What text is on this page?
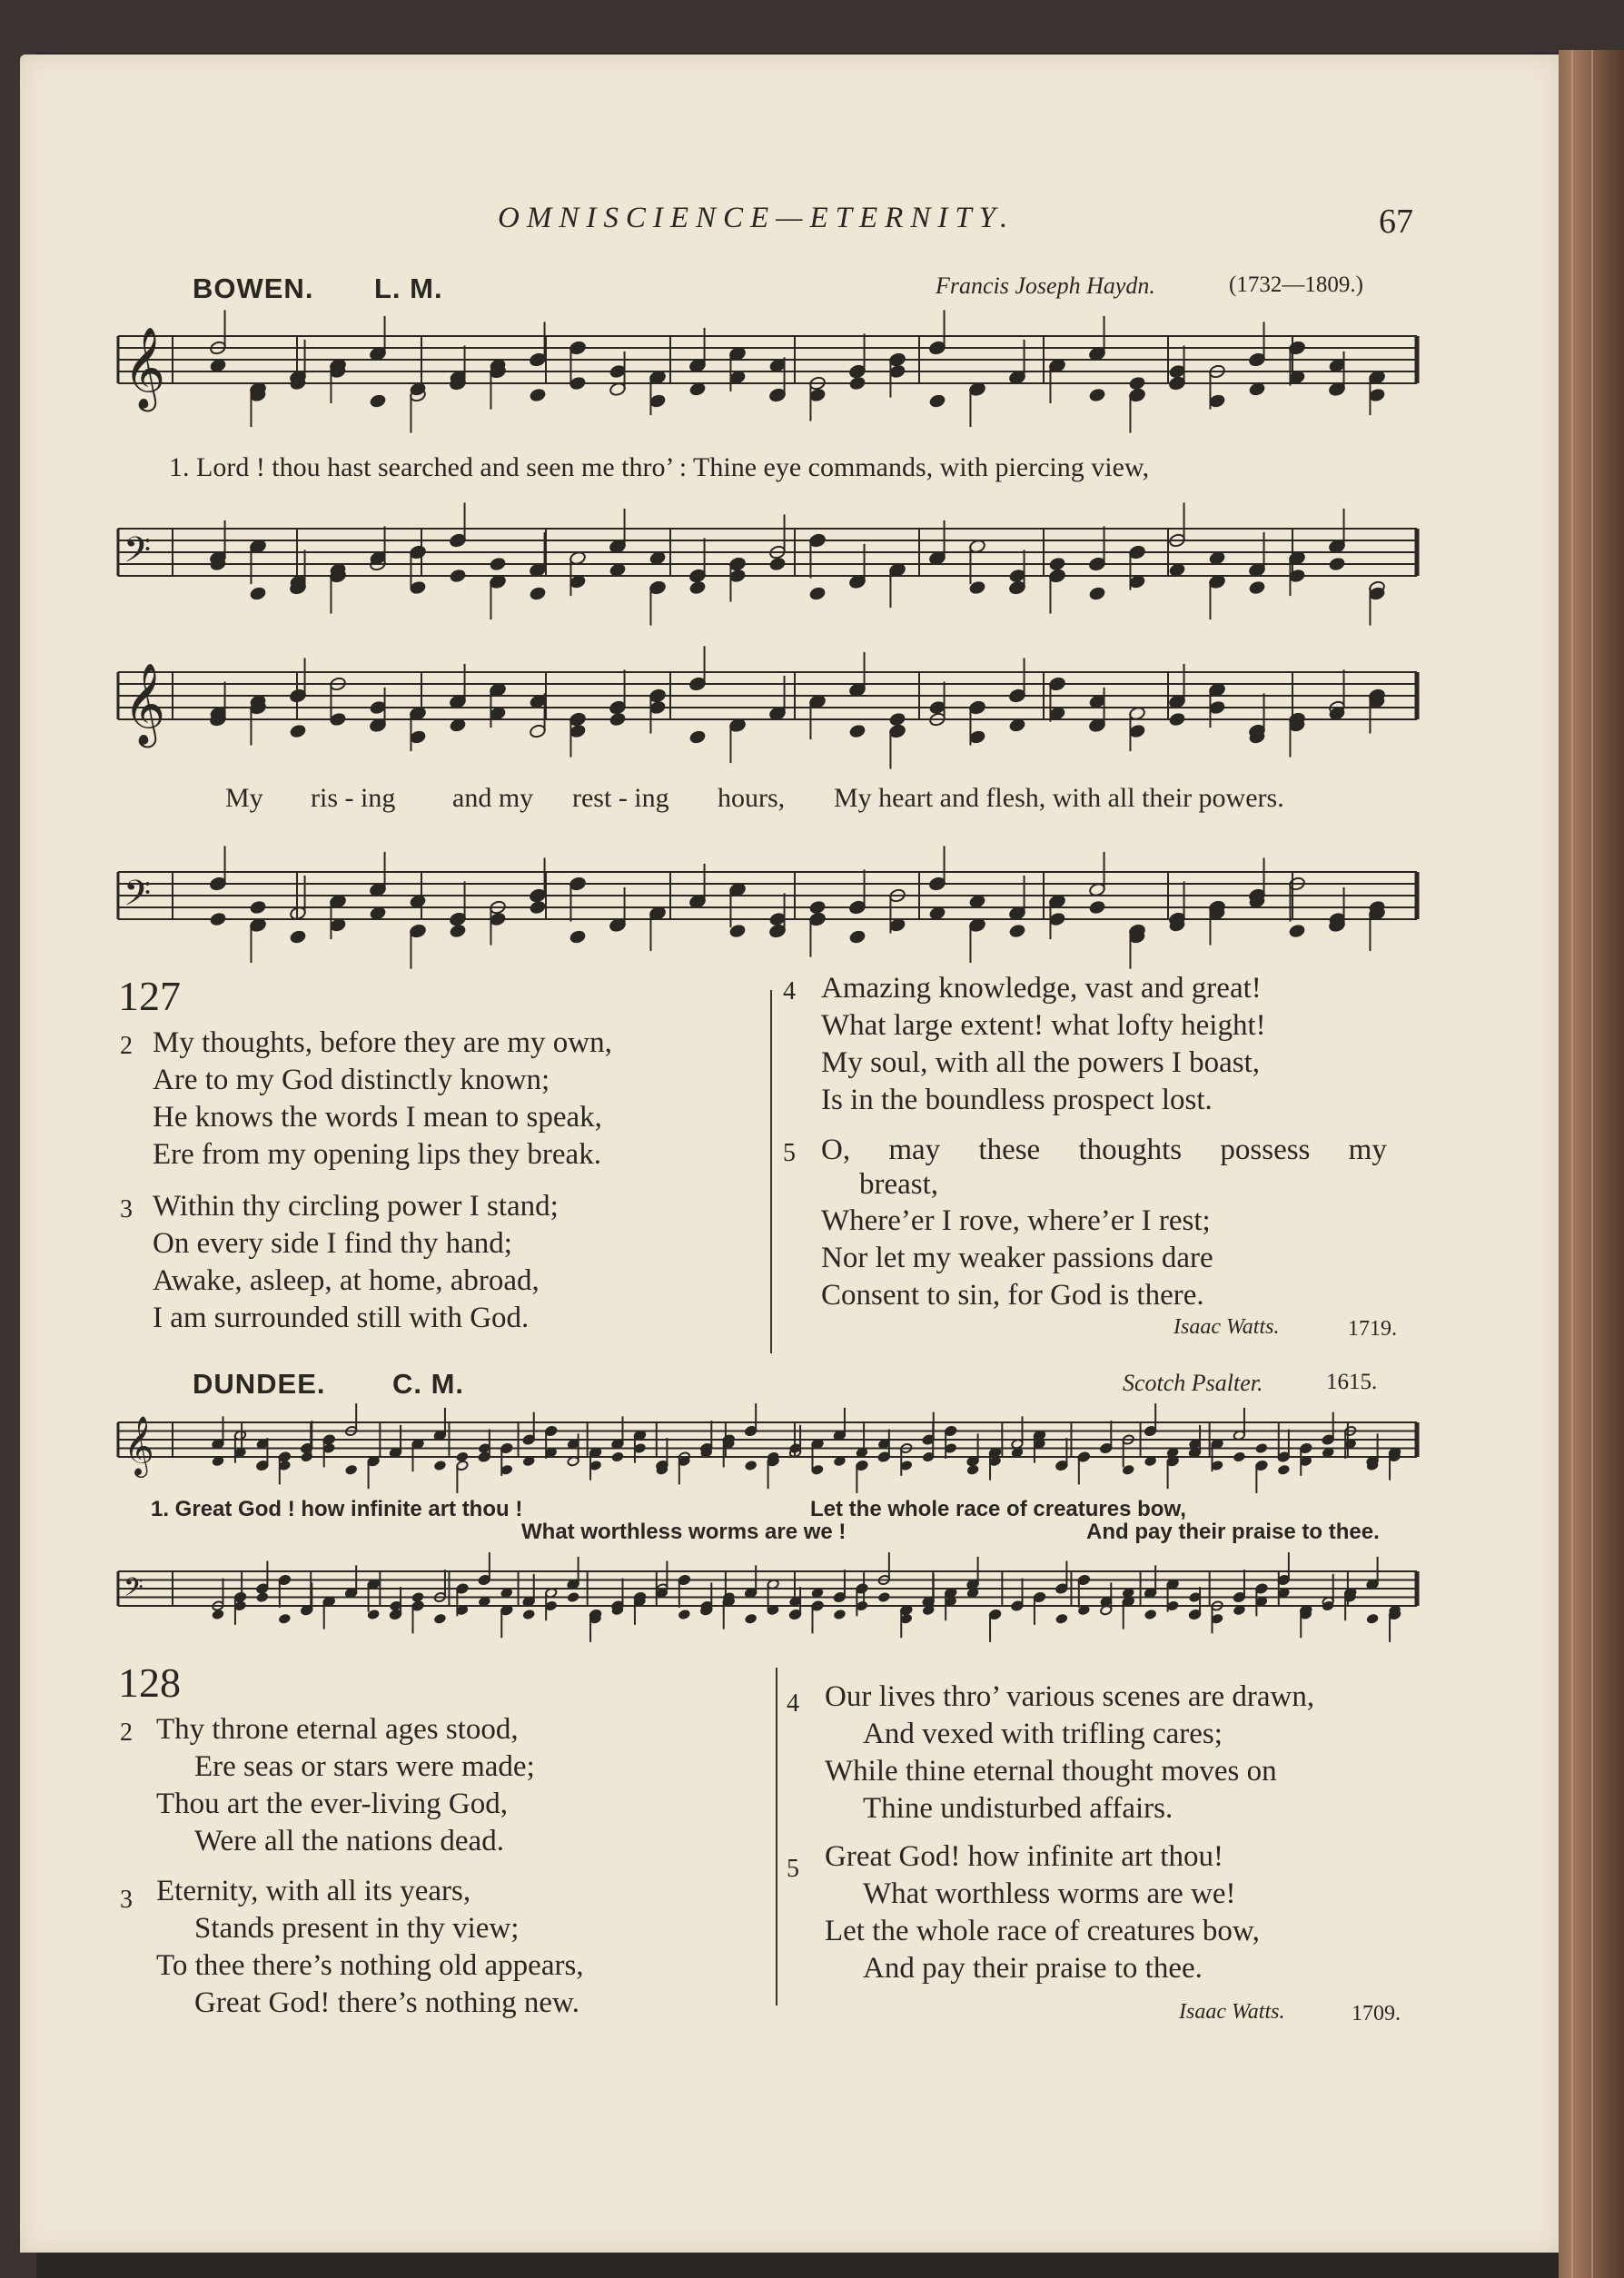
OMNISCIENCE—ETERNITY.	67
BOWEN. L. M.	Francis Joseph Haydn.	(1732—1809.)
𝄞
𝄢
𝄞
𝄢
𝄞
𝄢
1. Lord ! thou hast searched and seen me thro’ : Thine eye commands, with piercing view,
My ris - ing and my rest - ing hours, My heart and flesh, with all their powers.
127
2 My thoughts, before they are my own,
Are to my God distinctly known;
He knows the words I mean to speak,
Ere from my opening lips they break.
3 Within thy circling power I stand;
On every side I find thy hand;
Awake, asleep, at home, abroad,
I am surrounded still with God.
4 Amazing knowledge, vast and great!
What large extent! what lofty height!
My soul, with all the powers I boast,
Is in the boundless prospect lost.
5 O, may these thoughts possess my
breast,
Where’er I rove, where’er I rest;
Nor let my weaker passions dare
Consent to sin, for God is there.
Isaac Watts.	1719.
DUNDEE. C. M.	Scotch Psalter.	1615.
1. Great God ! how infinite art thou !
What worthless worms are we !
Let the whole race of creatures bow,
And pay their praise to thee.
128
2 Thy throne eternal ages stood,
Ere seas or stars were made;
Thou art the ever-living God,
Were all the nations dead.
3 Eternity, with all its years,
Stands present in thy view;
To thee there’s nothing old appears,
Great God! there’s nothing new.
4 Our lives thro’ various scenes are drawn,
And vexed with trifling cares;
While thine eternal thought moves on
Thine undisturbed affairs.
5 Great God! how infinite art thou!
What worthless worms are we!
Let the whole race of creatures bow,
And pay their praise to thee.
Isaac Watts.	1709.
